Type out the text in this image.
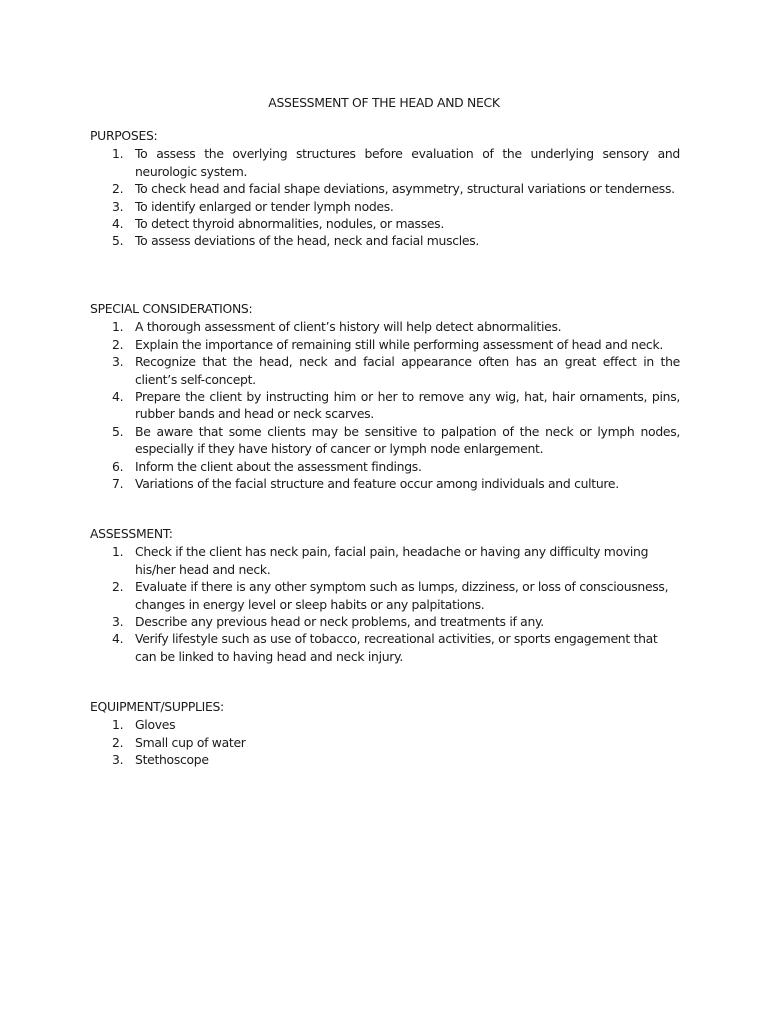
ASSESSMENT OF THE HEAD AND NECK

PURPOSES:

1. To assess the overlying structures before evaluation of the underlying sensory and neurologic system.
2. To check head and facial shape deviations, asymmetry, structural variations or tenderness.
3. To identify enlarged or tender lymph nodes.
4. To detect thyroid abnormalities, nodules, or masses.
5. To assess deviations of the head, neck and facial muscles.

SPECIAL CONSIDERATIONS:

1. A thorough assessment of client’s history will help detect abnormalities.
2. Explain the importance of remaining still while performing assessment of head and neck.
3. Recognize that the head, neck and facial appearance often has an great effect in the client’s self-concept.
4. Prepare the client by instructing him or her to remove any wig, hat, hair ornaments, pins, rubber bands and head or neck scarves.
5. Be aware that some clients may be sensitive to palpation of the neck or lymph nodes, especially if they have history of cancer or lymph node enlargement.
6. Inform the client about the assessment findings.
7. Variations of the facial structure and feature occur among individuals and culture.

ASSESSMENT:

1. Check if the client has neck pain, facial pain, headache or having any difficulty moving his/her head and neck.
2. Evaluate if there is any other symptom such as lumps, dizziness, or loss of consciousness, changes in energy level or sleep habits or any palpitations.
3. Describe any previous head or neck problems, and treatments if any.
4. Verify lifestyle such as use of tobacco, recreational activities, or sports engagement that can be linked to having head and neck injury.

EQUIPMENT/SUPPLIES:

1. Gloves
2. Small cup of water
3. Stethoscope
